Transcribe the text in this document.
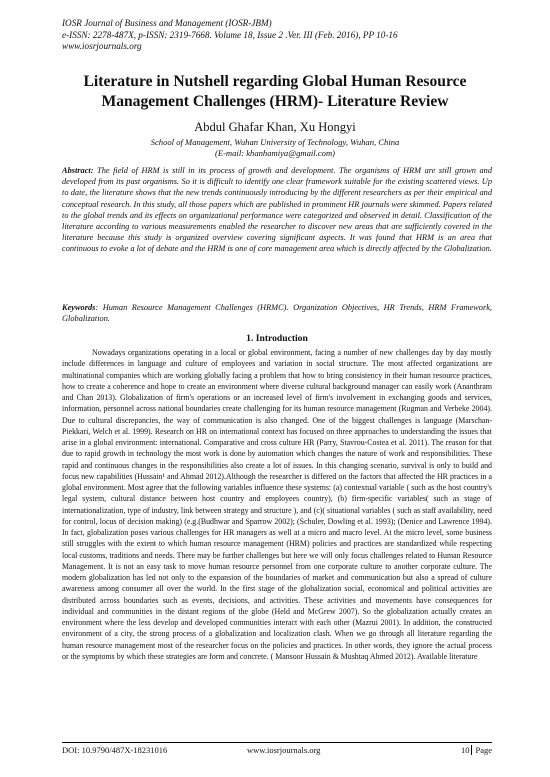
IOSR Journal of Business and Management (IOSR-JBM)
e-ISSN: 2278-487X, p-ISSN: 2319-7668. Volume 18, Issue 2 .Ver. III (Feb. 2016), PP 10-16
www.iosrjournals.org
Literature in Nutshell regarding Global Human Resource
Management Challenges (HRM)- Literature Review
Abdul Ghafar Khan, Xu Hongyi
School of Management, Wuhan University of Technology, Wuhan, China
(E-mail: khanhamiya@gmail.com)
Abstract: The field of HRM is still in its process of growth and development. The organisms of HRM are still grown and developed from its past organisms. So it is difficult to identify one clear framework suitable for the existing scattered views. Up to date, the literature shows that the new trends continuously introducing by the different researchers as per their empirical and conceptual research. In this study, all those papers which are published in prominent HR journals were skimmed. Papers related to the global trends and its effects on organizational performance were categorized and observed in detail. Classification of the literature according to various measurements enabled the researcher to discover new areas that are sufficiently covered in the literature because this study is organized overview covering significant aspects. It was found that HRM is an area that continuous to evoke a lot of debate and the HRM is one of core management area which is directly affected by the Globalization.
Keywords: Human Resource Management Challenges (HRMC). Organization Objectives, HR Trends, HRM Framework, Globalization.
1. Introduction

Nowadays organizations operating in a local or global environment, facing a number of new challenges day by day mostly include differences in language and culture of employees and variation in social structure. The most affected organizations are multinational companies which are working globally facing a problem that how to bring consistency in their human resource practices, how to create a coherence and hope to create an environment where diverse cultural background manager can easily work (Ananthram and Chan 2013). Globalization of firm's operations or an increased level of firm's involvement in exchanging goods and services, information, personnel across national boundaries create challenging for its human resource management (Rugman and Verbeke 2004). Due to cultural discrepancies, the way of communication is also changed. One of the biggest challenges is language (Marschan-Piekkari, Welch et al. 1999). Research on HR on international context has focused on three approaches to understanding the issues that arise in a global environment: international. Comparative and cross culture HR (Parry, Stavrou-Costea et al. 2011). The reason for that due to rapid growth in technology the most work is done by automation which changes the nature of work and responsibilities. These rapid and continuous changes in the responsibilities also create a lot of issues. In this changing scenario, survival is only to build and focus new capabilities (Hussain¹ and Ahmad 2012).Although the researcher is differed on the factors that affected the HR practices in a global environment. Most agree that the following variables influence these systems: (a) contextual variable ( such as the host country's legal system, cultural distance between host country and employees country), (b) firm-specific variables( such as stage of internationalization, type of industry, link between strategy and structure ), and (c)( situational variables ( such as staff availability, need for control, locus of decision making) (e.g.(Budhwar and Sparrow 2002); (Schuler, Dowling et al. 1993); (Denice and Lawrence 1994). In fact, globalization poses various challenges for HR managers as well at a micro and macro level. At the micro level, some business still struggles with the extent to which human resource management (HRM) policies and practices are standardized while respecting local customs, traditions and needs. There may be further challenges but here we will only focus challenges related to Human Resource Management. It is not an easy task to move human resource personnel from one corporate culture to another corporate culture. The modern globalization has led not only to the expansion of the boundaries of market and communication but also a spread of culture awareness among consumer all over the world. In the first stage of the globalization social, economical and political activities are distributed across boundaries such as events, decisions, and activities. These activities and movements have consequences for individual and communities in the distant regions of the globe (Held and McGrew 2007). So the globalization actually creates an environment where the less develop and developed communities interact with each other (Mazrui 2001). In addition, the constructed environment of a city, the strong process of a globalization and localization clash. When we go through all literature regarding the human resource management most of the researcher focus on the policies and practices. In other words, they ignore the actual process or the symptoms by which these strategies are form and concrete. ( Mansoor Hussain & Mushtaq Ahmed 2012). Available literature

DOI: 10.9790/487X-18231016	www.iosrjournals.org	10 Page
